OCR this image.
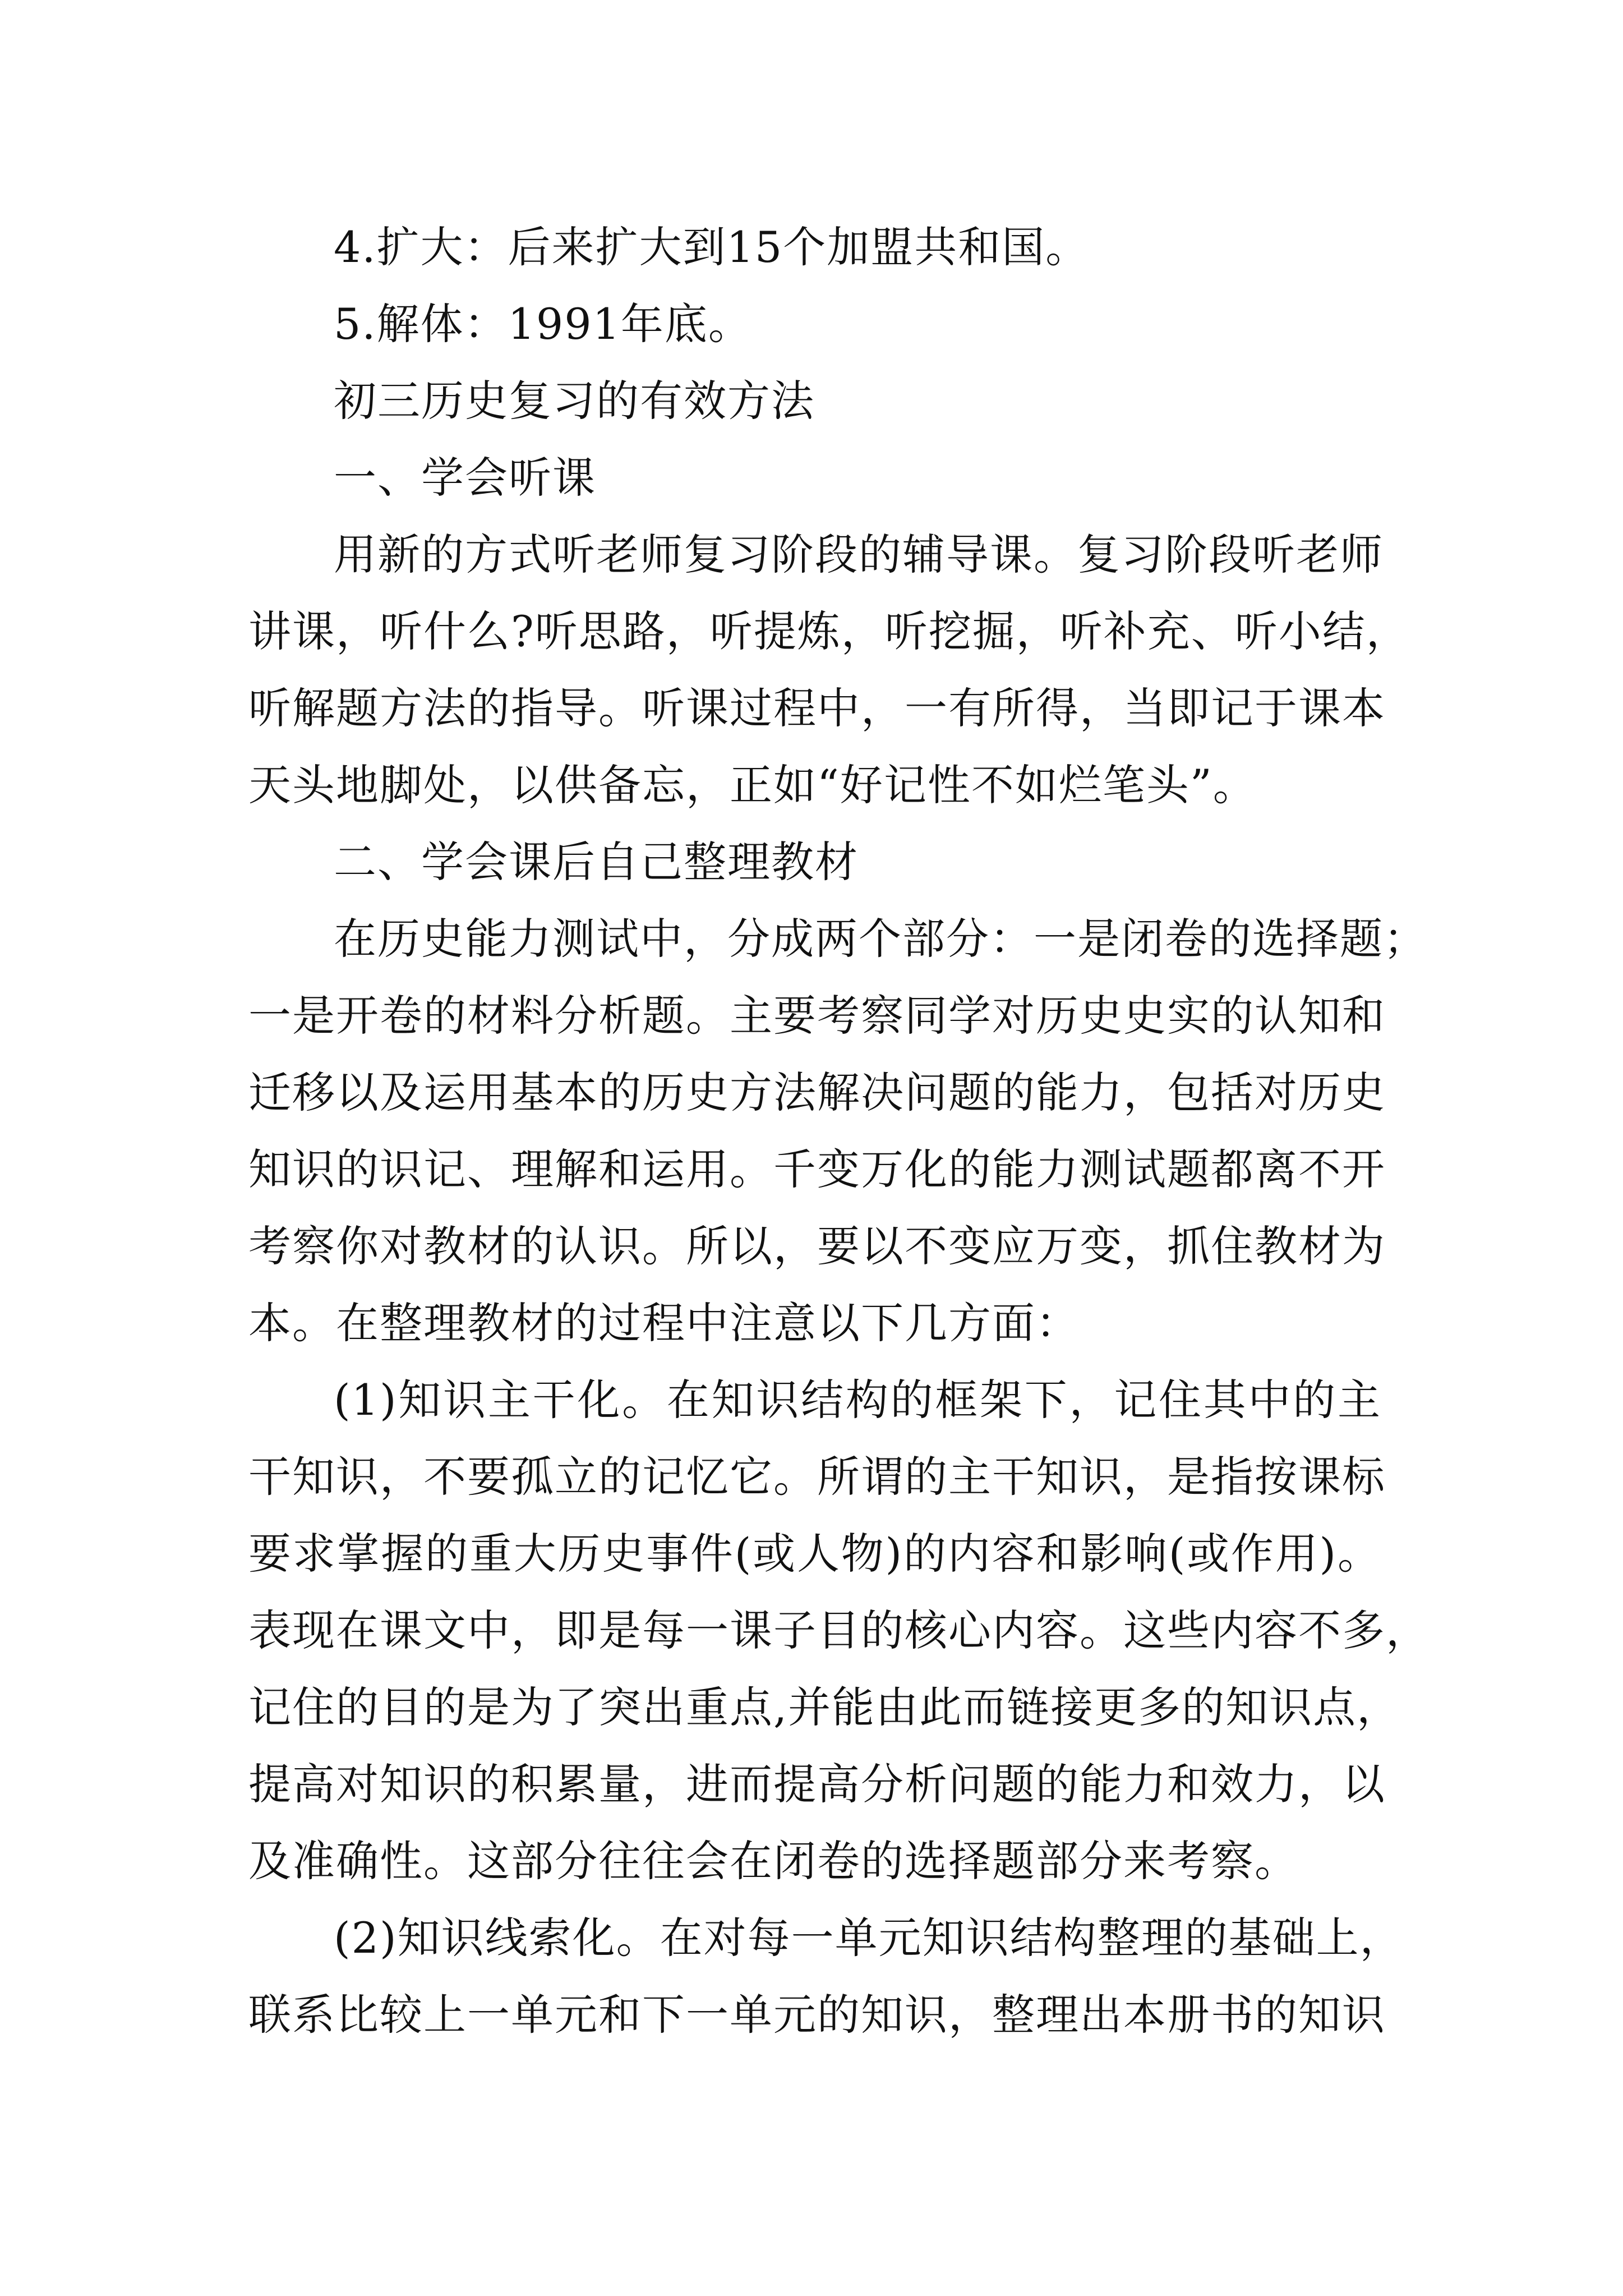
4.扩大：后来扩大到15个加盟共和国。
5.解体：1991年底。
初三历史复习的有效方法
一、学会听课
用新的方式听老师复习阶段的辅导课。复习阶段听老师
讲课，听什么?听思路，听提炼，听挖掘，听补充、听小结，
听解题方法的指导。听课过程中，一有所得，当即记于课本
天头地脚处，以供备忘，正如“好记性不如烂笔头”。
二、学会课后自己整理教材
在历史能力测试中，分成两个部分：一是闭卷的选择题；
一是开卷的材料分析题。主要考察同学对历史史实的认知和
迁移以及运用基本的历史方法解决问题的能力，包括对历史
知识的识记、理解和运用。千变万化的能力测试题都离不开
考察你对教材的认识。所以，要以不变应万变，抓住教材为
本。在整理教材的过程中注意以下几方面：
(1)知识主干化。在知识结构的框架下，记住其中的主
干知识，不要孤立的记忆它。所谓的主干知识，是指按课标
要求掌握的重大历史事件(或人物)的内容和影响(或作用)。
表现在课文中，即是每一课子目的核心内容。这些内容不多，
记住的目的是为了突出重点,并能由此而链接更多的知识点，
提高对知识的积累量，进而提高分析问题的能力和效力，以
及准确性。这部分往往会在闭卷的选择题部分来考察。
(2)知识线索化。在对每一单元知识结构整理的基础上，
联系比较上一单元和下一单元的知识，整理出本册书的知识
